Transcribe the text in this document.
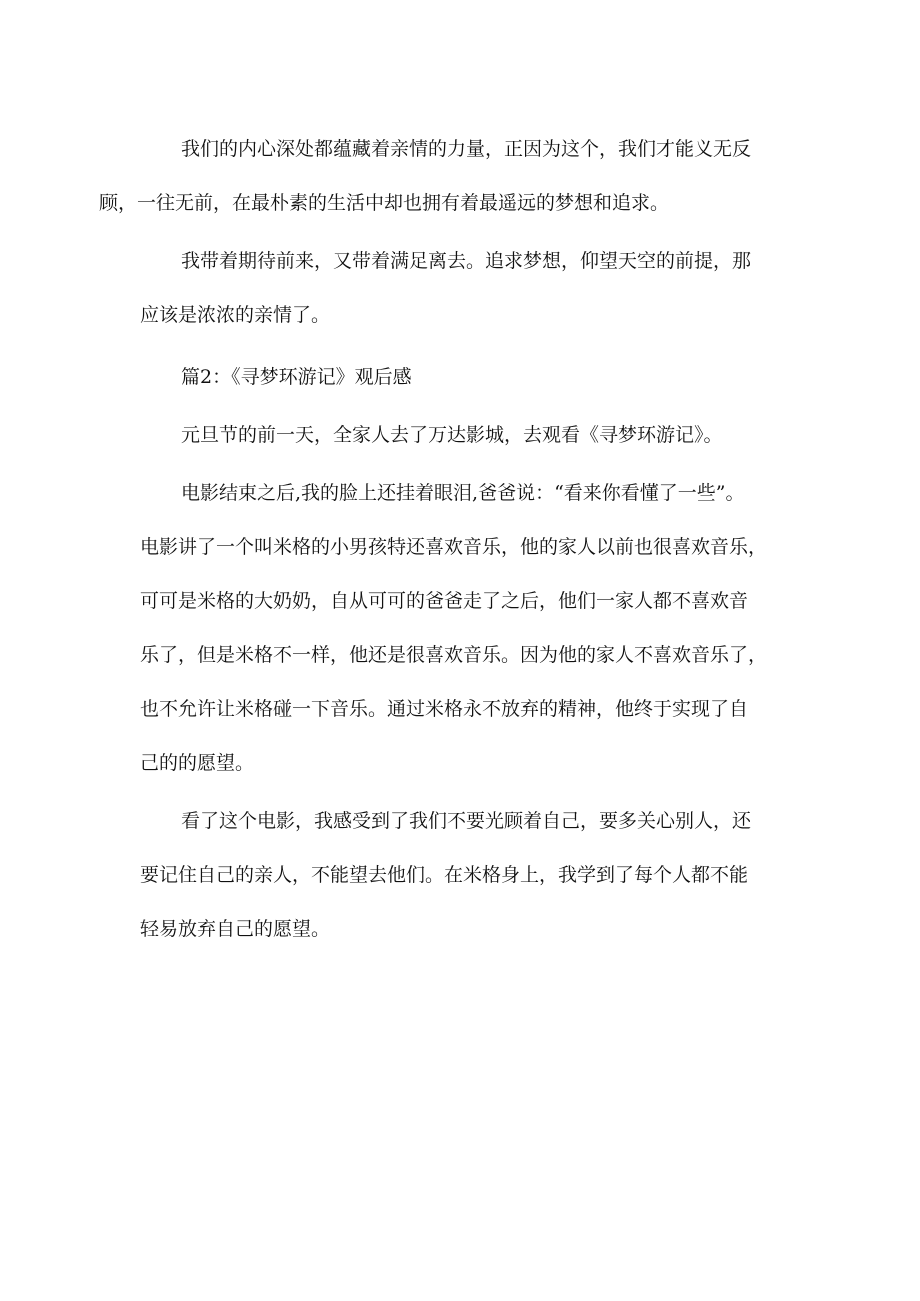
我们的内心深处都蕴藏着亲情的力量，正因为这个，我们才能义无反
顾，一往无前，在最朴素的生活中却也拥有着最遥远的梦想和追求。
我带着期待前来，又带着满足离去。追求梦想，仰望天空的前提，那
应该是浓浓的亲情了。
篇2：《寻梦环游记》观后感
元旦节的前一天，全家人去了万达影城，去观看《寻梦环游记》。
电影结束之后,我的脸上还挂着眼泪,爸爸说：“看来你看懂了一些”。
电影讲了一个叫米格的小男孩特还喜欢音乐，他的家人以前也很喜欢音乐，
可可是米格的大奶奶，自从可可的爸爸走了之后，他们一家人都不喜欢音
乐了，但是米格不一样，他还是很喜欢音乐。因为他的家人不喜欢音乐了，
也不允许让米格碰一下音乐。通过米格永不放弃的精神，他终于实现了自
己的的愿望。
看了这个电影，我感受到了我们不要光顾着自己，要多关心别人，还
要记住自己的亲人，不能望去他们。在米格身上，我学到了每个人都不能
轻易放弃自己的愿望。
